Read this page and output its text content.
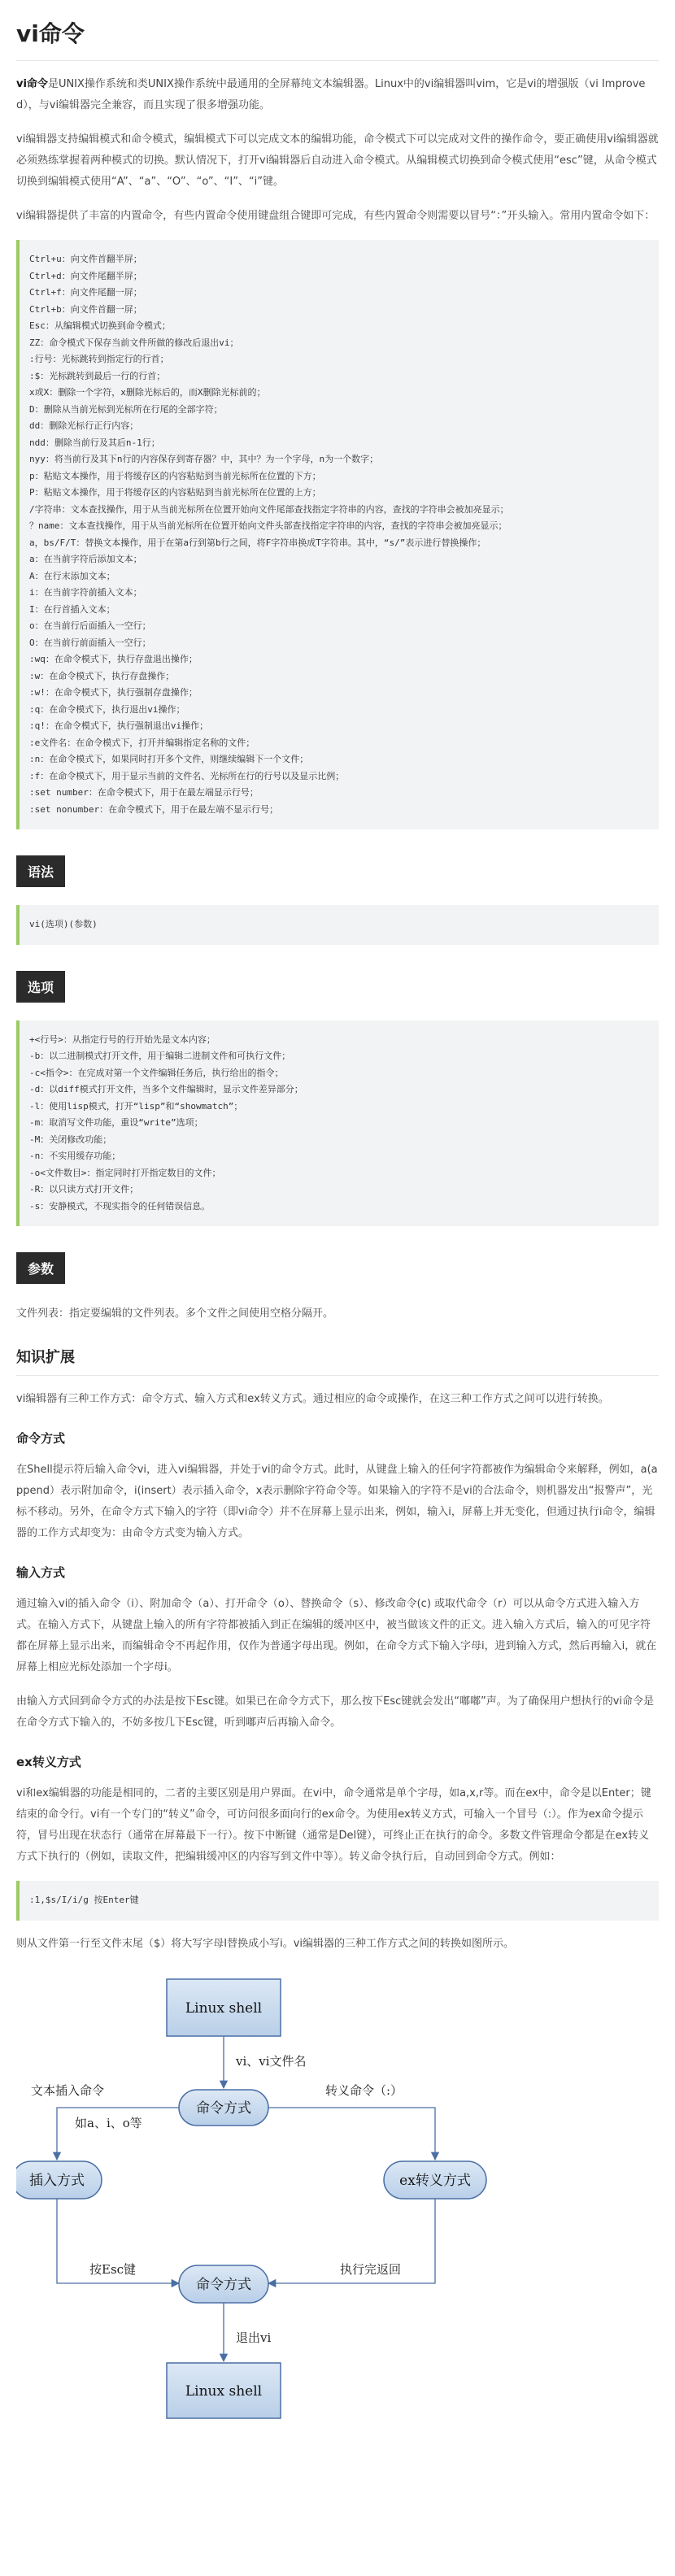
vi命令

vi命令是UNIX操作系统和类UNIX操作系统中最通用的全屏幕纯文本编辑器。Linux中的vi编辑器叫vim，它是vi的增强版（vi Improved），与vi编辑器完全兼容，而且实现了很多增强功能。

vi编辑器支持编辑模式和命令模式，编辑模式下可以完成文本的编辑功能，命令模式下可以完成对文件的操作命令，要正确使用vi编辑器就必须熟练掌握着两种模式的切换。默认情况下，打开vi编辑器后自动进入命令模式。从编辑模式切换到命令模式使用“esc”键，从命令模式切换到编辑模式使用“A”、“a”、“O”、“o”、“I”、“i”键。

vi编辑器提供了丰富的内置命令，有些内置命令使用键盘组合键即可完成，有些内置命令则需要以冒号“：”开头输入。常用内置命令如下：

Ctrl+u：向文件首翻半屏；
Ctrl+d：向文件尾翻半屏；
Ctrl+f：向文件尾翻一屏；
Ctrl+b：向文件首翻一屏；
Esc：从编辑模式切换到命令模式；
ZZ：命令模式下保存当前文件所做的修改后退出vi；
:行号：光标跳转到指定行的行首；
:$：光标跳转到最后一行的行首；
x或X：删除一个字符，x删除光标后的，而X删除光标前的；
D：删除从当前光标到光标所在行尾的全部字符；
dd：删除光标行正行内容；
ndd：删除当前行及其后n-1行；
nyy：将当前行及其下n行的内容保存到寄存器？中，其中？为一个字母，n为一个数字；
p：粘贴文本操作，用于将缓存区的内容粘贴到当前光标所在位置的下方；
P：粘贴文本操作，用于将缓存区的内容粘贴到当前光标所在位置的上方；
/字符串：文本查找操作，用于从当前光标所在位置开始向文件尾部查找指定字符串的内容，查找的字符串会被加亮显示；
？name：文本查找操作，用于从当前光标所在位置开始向文件头部查找指定字符串的内容，查找的字符串会被加亮显示；
a，bs/F/T：替换文本操作，用于在第a行到第b行之间，将F字符串换成T字符串。其中，“s/”表示进行替换操作；
a：在当前字符后添加文本；
A：在行末添加文本；
i：在当前字符前插入文本；
I：在行首插入文本；
o：在当前行后面插入一空行；
O：在当前行前面插入一空行；
:wq：在命令模式下，执行存盘退出操作；
:w：在命令模式下，执行存盘操作；
:w!：在命令模式下，执行强制存盘操作；
:q：在命令模式下，执行退出vi操作；
:q!：在命令模式下，执行强制退出vi操作；
:e文件名：在命令模式下，打开并编辑指定名称的文件；
:n：在命令模式下，如果同时打开多个文件，则继续编辑下一个文件；
:f：在命令模式下，用于显示当前的文件名、光标所在行的行号以及显示比例；
:set number：在命令模式下，用于在最左端显示行号；
:set nonumber：在命令模式下，用于在最左端不显示行号；
语法
vi(选项)(参数)
选项
+<行号>：从指定行号的行开始先是文本内容；
-b：以二进制模式打开文件，用于编辑二进制文件和可执行文件；
-c<指令>：在完成对第一个文件编辑任务后，执行给出的指令；
-d：以diff模式打开文件，当多个文件编辑时，显示文件差异部分；
-l：使用lisp模式，打开“lisp”和“showmatch”；
-m：取消写文件功能，重设“write”选项；
-M：关闭修改功能；
-n：不实用缓存功能；
-o<文件数目>：指定同时打开指定数目的文件；
-R：以只读方式打开文件；
-s：安静模式，不现实指令的任何错误信息。
参数

文件列表：指定要编辑的文件列表。多个文件之间使用空格分隔开。

知识扩展

vi编辑器有三种工作方式：命令方式、输入方式和ex转义方式。通过相应的命令或操作，在这三种工作方式之间可以进行转换。

命令方式

在Shell提示符后输入命令vi，进入vi编辑器，并处于vi的命令方式。此时，从键盘上输入的任何字符都被作为编辑命令来解释，例如，a(append）表示附加命令，i(insert）表示插入命令，x表示删除字符命令等。如果输入的字符不是vi的合法命令，则机器发出“报警声”，光标不移动。另外，在命令方式下输入的字符（即vi命令）并不在屏幕上显示出来，例如，输入i，屏幕上并无变化，但通过执行i命令，编辑器的工作方式却变为：由命令方式变为输入方式。

输入方式

通过输入vi的插入命令（i）、附加命令（a）、打开命令（o）、替换命令（s）、修改命令(c) 或取代命令（r）可以从命令方式进入输入方式。在输入方式下，从键盘上输入的所有字符都被插入到正在编辑的缓冲区中，被当做该文件的正文。进入输入方式后，输入的可见字符都在屏幕上显示出来，而编辑命令不再起作用，仅作为普通字母出现。例如，在命令方式下输入字母i，进到输入方式，然后再输入i，就在屏幕上相应光标处添加一个字母i。

由输入方式回到命令方式的办法是按下Esc键。如果已在命令方式下，那么按下Esc键就会发出“嘟嘟”声。为了确保用户想执行的vi命令是在命令方式下输入的，不妨多按几下Esc键，听到嘟声后再输入命令。

ex转义方式

vi和ex编辑器的功能是相同的，二者的主要区别是用户界面。在vi中，命令通常是单个字母，如a,x,r等。而在ex中，命令是以Enter；键结束的命令行。vi有一个专门的“转义”命令，可访问很多面向行的ex命令。为使用ex转义方式，可输入一个冒号（:）。作为ex命令提示符，冒号出现在状态行（通常在屏幕最下一行）。按下中断键（通常是Del键），可终止正在执行的命令。多数文件管理命令都是在ex转义方式下执行的（例如，读取文件，把编辑缓冲区的内容写到文件中等）。转义命令执行后，自动回到命令方式。例如：

:1,$s/I/i/g 按Enter键

则从文件第一行至文件末尾（$）将大写字母I替换成小写i。vi编辑器的三种工作方式之间的转换如图所示。

Linux shell
命令方式
插入方式	ex转义方式
命令方式
Linux shell
vi、vi文件名
文本插入命令
如a、i、o等
转义命令（:）
按Esc键	执行完返回
退出vi
